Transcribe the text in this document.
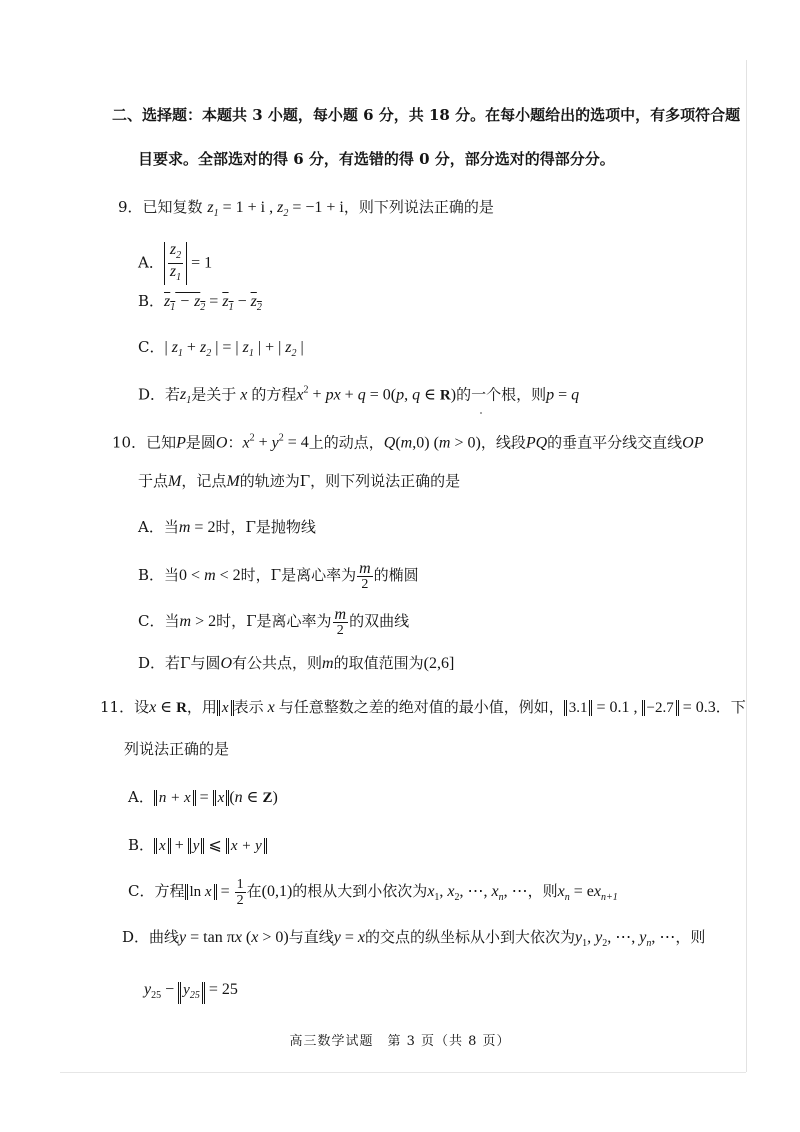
二、选择题：本题共 3 小题，每小题 6 分，共 18 分。在每小题给出的选项中，有多项符合题
目要求。全部选对的得 6 分，有选错的得 0 分，部分选对的得部分分。
9．已知复数 $z_1 = 1 + i$ , $z_2 = -1 + i$，则下列说法正确的是
A． $\frac{z_2}{z_1} = 1$
B．$z_1 - z_2 = z_1 - z_2$
C．| $z_1 + z_2$ | = | $z_1$ | + | $z_2$ |
D．若$z_1$是关于 x 的方程$x^2$ + px + q = 0(p, q ∈ R)的一个根，则p = q
10．已知P是圆O：$x^2 + y^2 = 4$上的动点，Q(m,0) (m > 0)，线段PQ的垂直平分线交直线OP
于点M，记点M的轨迹为Γ，则下列说法正确的是
A．当m = 2时，Γ是抛物线
B．当0 < m < 2时，Γ是离心率为 $\frac{m}{2}$ 的椭圆
C．当m > 2时，Γ是离心率为 $\frac{m}{2}$ 的双曲线
D．若Γ与圆O有公共点，则m的取值范围为(2,6]
11．设x ∈ R，用 x 表示 x 与任意整数之差的绝对值的最小值，例如， 3.1 = 0.1 , −2.7 = 0.3．下
列说法正确的是
A． n + x = x (n ∈ Z)
B． x + y ⩽ x + y
C．方程 $\ln x = \frac{1}{2}$ 在(0,1)的根从大到小依次为$x_1$, $x_2$, ⋯, $x_n$, ⋯，则$x_n = ex_{n+1}$
D．曲线y = tan πx (x > 0)与直线y = x的交点的纵坐标从小到大依次为$y_1$, $y_2$, ⋯, $y_n$, ⋯，则
$y_{25} - y_{25} = 25$
高三数学试题　第 3 页（共 8 页）
